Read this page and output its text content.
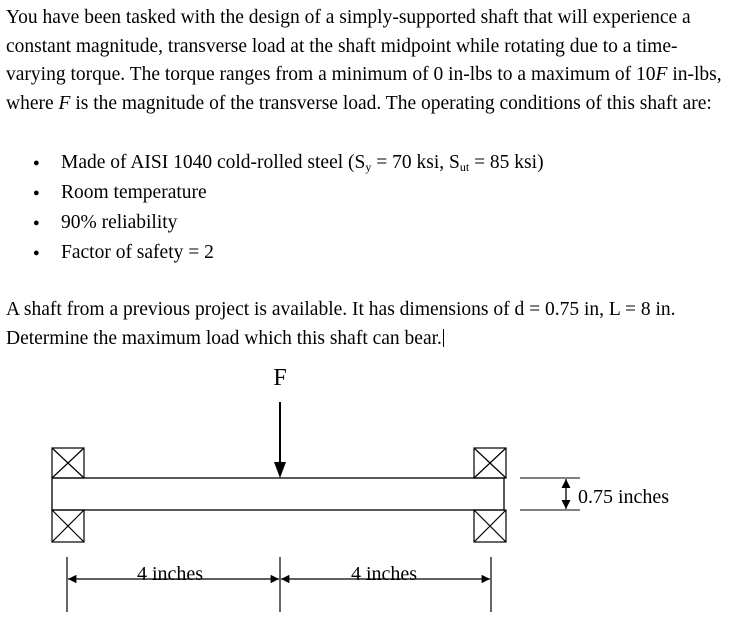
You have been tasked with the design of a simply-supported shaft that will experience a constant magnitude, transverse load at the shaft midpoint while rotating due to a time-varying torque. The torque ranges from a minimum of 0 in-lbs to a maximum of 10F in-lbs, where F is the magnitude of the transverse load. The operating conditions of this shaft are:
● Made of AISI 1040 cold-rolled steel ($S_y = 70$ ksi, $S_{ut} = 85$ ksi)
● Room temperature
● 90% reliability
● Factor of safety = 2
A shaft from a previous project is available. It has dimensions of d = 0.75 in, L = 8 in. Determine the maximum load which this shaft can bear.
F
0.75 inches
4 inches	4 inches
